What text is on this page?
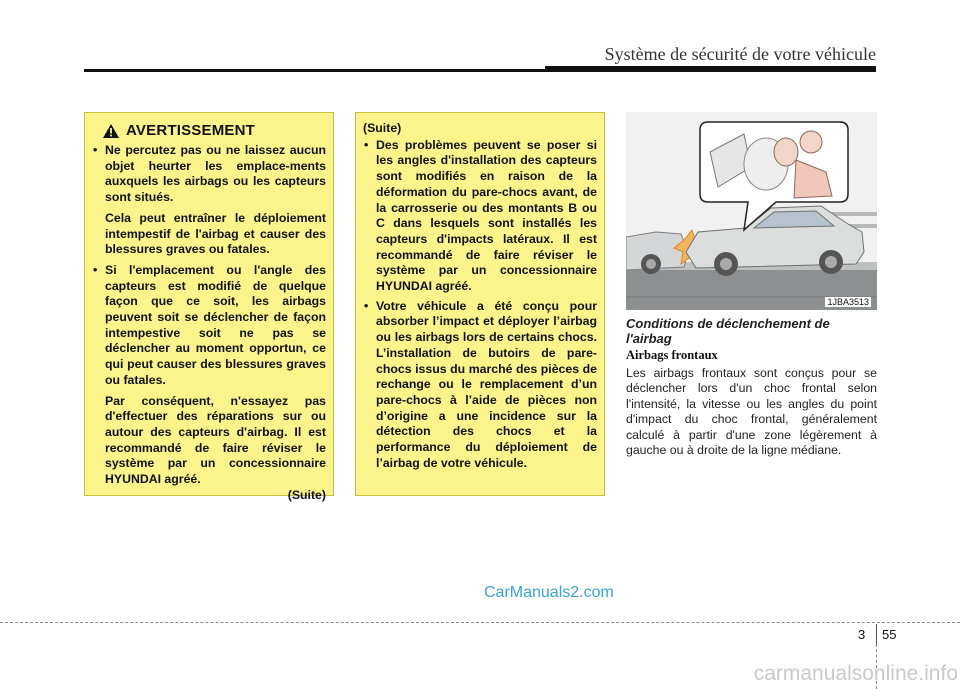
Système de sécurité de votre véhicule
AVERTISSEMENT
• Ne percutez pas ou ne laissez aucun objet heurter les emplace-ments auxquels les airbags ou les capteurs sont situés.
Cela peut entraîner le déploiement intempestif de l'airbag et causer des blessures graves ou fatales.
• Si l'emplacement ou l'angle des capteurs est modifié de quelque façon que ce soit, les airbags peuvent soit se déclencher de façon intempestive soit ne pas se déclencher au moment opportun, ce qui peut causer des blessures graves ou fatales.
Par conséquent, n'essayez pas d'effectuer des réparations sur ou autour des capteurs d'airbag. Il est recommandé de faire réviser le système par un concessionnaire HYUNDAI agréé.
(Suite)
(Suite)
• Des problèmes peuvent se poser si les angles d'installation des capteurs sont modifiés en raison de la déformation du pare-chocs avant, de la carrosserie ou des montants B ou C dans lesquels sont installés les capteurs d'impacts latéraux. Il est recommandé de faire réviser le système par un concessionnaire HYUNDAI agréé.
• Votre véhicule a été conçu pour absorber l’impact et déployer l’airbag ou les airbags lors de certains chocs. L’installation de butoirs de pare-chocs issus du marché des pièces de rechange ou le remplacement d’un pare-chocs à l’aide de pièces non d’origine a une incidence sur la détection des chocs et la performance du déploiement de l’airbag de votre véhicule.
1JBA3513
Conditions de déclenchement de l'airbag
Airbags frontaux
Les airbags frontaux sont conçus pour se déclencher lors d'un choc frontal selon l'intensité, la vitesse ou les angles du point d'impact du choc frontal, généralement calculé à partir d'une zone légèrement à gauche ou à droite de la ligne médiane.
CarManuals2.com
3 55
carmanualsonline.info
